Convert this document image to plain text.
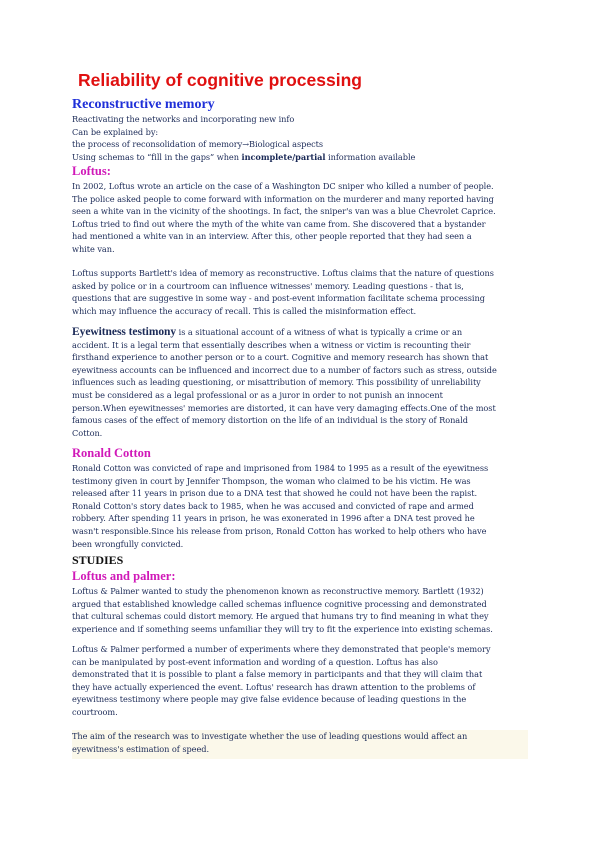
Reliability of cognitive processing
Reconstructive memory
Reactivating the networks and incorporating new info
Can be explained by:
the process of reconsolidation of memory→Biological aspects
Using schemas to “fill in the gaps” when incomplete/partial information available
Loftus:
In 2002, Loftus wrote an article on the case of a Washington DC sniper who killed a number of people.
The police asked people to come forward with information on the murderer and many reported having
seen a white van in the vicinity of the shootings. In fact, the sniper's van was a blue Chevrolet Caprice.
Loftus tried to find out where the myth of the white van came from. She discovered that a bystander
had mentioned a white van in an interview. After this, other people reported that they had seen a
white van.
Loftus supports Bartlett's idea of memory as reconstructive. Loftus claims that the nature of questions
asked by police or in a courtroom can influence witnesses' memory. Leading questions - that is,
questions that are suggestive in some way - and post-event information facilitate schema processing
which may influence the accuracy of recall. This is called the misinformation effect.
Eyewitness testimony is a situational account of a witness of what is typically a crime or an
accident. It is a legal term that essentially describes when a witness or victim is recounting their
firsthand experience to another person or to a court. Cognitive and memory research has shown that
eyewitness accounts can be influenced and incorrect due to a number of factors such as stress, outside
influences such as leading questioning, or misattribution of memory. This possibility of unreliability
must be considered as a legal professional or as a juror in order to not punish an innocent
person.When eyewitnesses' memories are distorted, it can have very damaging effects.One of the most
famous cases of the effect of memory distortion on the life of an individual is the story of Ronald
Cotton.
Ronald Cotton
Ronald Cotton was convicted of rape and imprisoned from 1984 to 1995 as a result of the eyewitness
testimony given in court by Jennifer Thompson, the woman who claimed to be his victim. He was
released after 11 years in prison due to a DNA test that showed he could not have been the rapist.
Ronald Cotton's story dates back to 1985, when he was accused and convicted of rape and armed
robbery. After spending 11 years in prison, he was exonerated in 1996 after a DNA test proved he
wasn't responsible.Since his release from prison, Ronald Cotton has worked to help others who have
been wrongfully convicted.
STUDIES
Loftus and palmer:
Loftus & Palmer wanted to study the phenomenon known as reconstructive memory. Bartlett (1932)
argued that established knowledge called schemas influence cognitive processing and demonstrated
that cultural schemas could distort memory. He argued that humans try to find meaning in what they
experience and if something seems unfamiliar they will try to fit the experience into existing schemas.
Loftus & Palmer performed a number of experiments where they demonstrated that people's memory
can be manipulated by post-event information and wording of a question. Loftus has also
demonstrated that it is possible to plant a false memory in participants and that they will claim that
they have actually experienced the event. Loftus' research has drawn attention to the problems of
eyewitness testimony where people may give false evidence because of leading questions in the
courtroom.
The aim of the research was to investigate whether the use of leading questions would affect an
eyewitness's estimation of speed.
